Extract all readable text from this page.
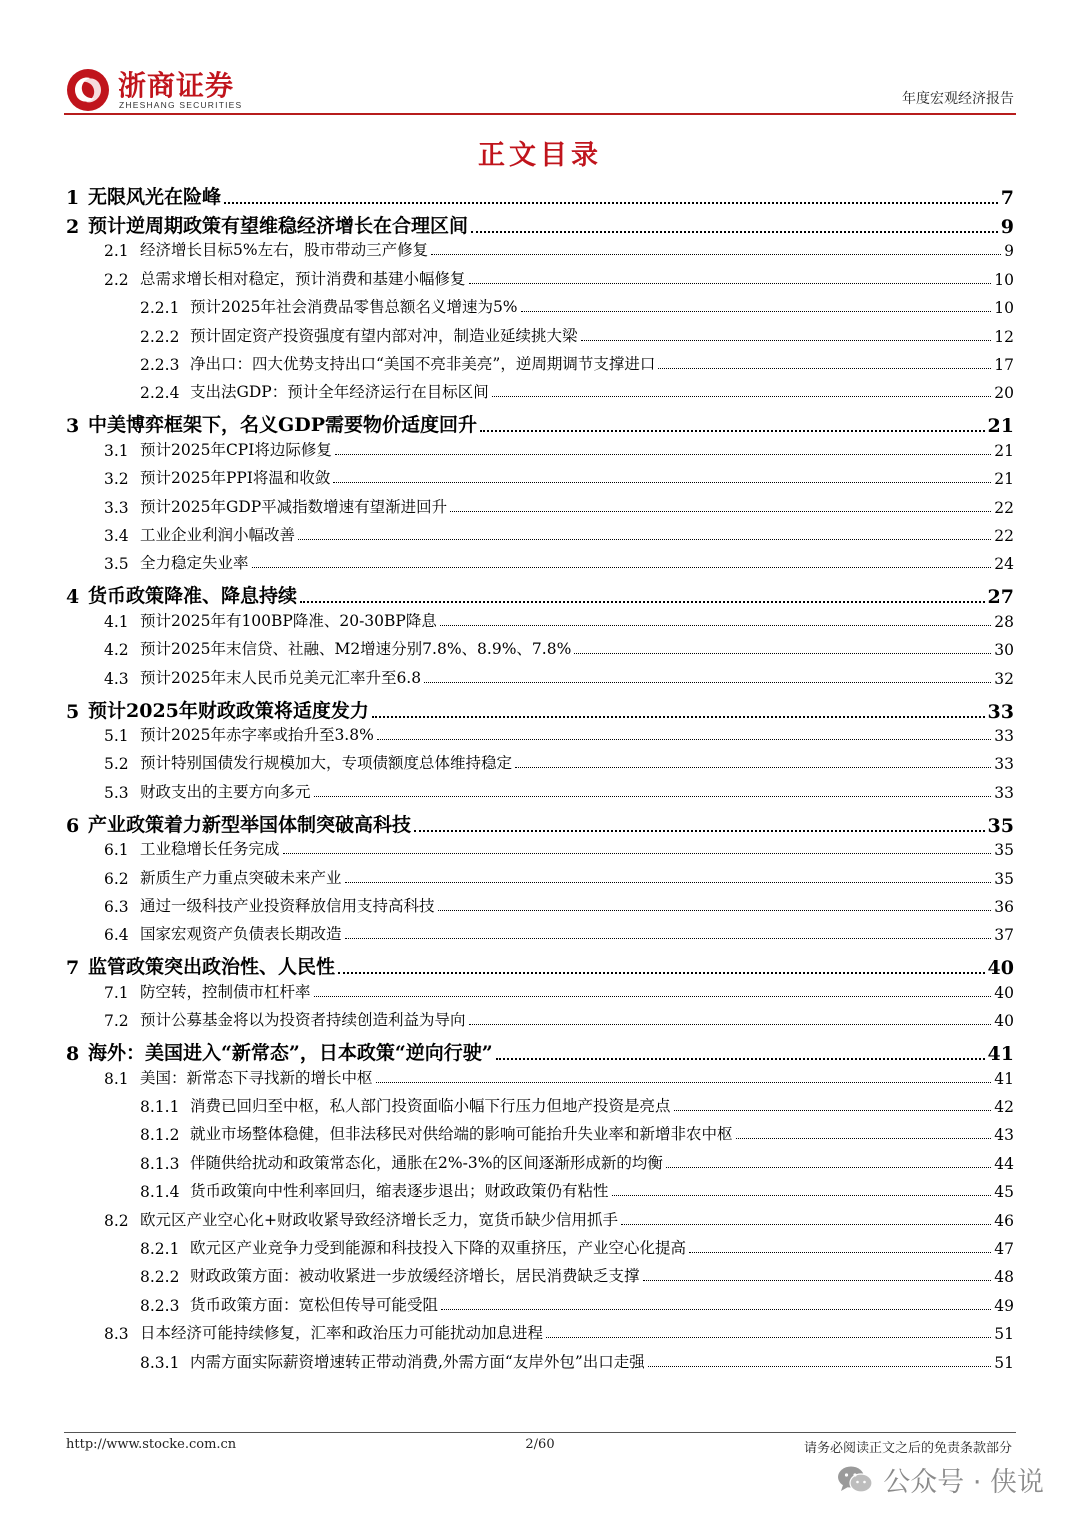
浙商证券
ZHESHANG SECURITIES	年度宏观经济报告
正文目录
1 无限风光在险峰	7
2 预计逆周期政策有望维稳经济增长在合理区间	9
2.1 经济增长目标5%左右，股市带动三产修复	9
2.2 总需求增长相对稳定，预计消费和基建小幅修复	10
2.2.1 预计2025年社会消费品零售总额名义增速为5%	10
2.2.2 预计固定资产投资强度有望内部对冲，制造业延续挑大梁	12
2.2.3 净出口：四大优势支持出口“美国不亮非美亮”，逆周期调节支撑进口	17
2.2.4 支出法GDP：预计全年经济运行在目标区间	20
3 中美博弈框架下，名义GDP需要物价适度回升	21
3.1 预计2025年CPI将边际修复	21
3.2 预计2025年PPI将温和收敛	21
3.3 预计2025年GDP平减指数增速有望渐进回升	22
3.4 工业企业利润小幅改善	22
3.5 全力稳定失业率	24
4 货币政策降准、降息持续	27
4.1 预计2025年有100BP降准、20-30BP降息	28
4.2 预计2025年末信贷、社融、M2增速分别7.8%、8.9%、7.8%	30
4.3 预计2025年末人民币兑美元汇率升至6.8	32
5 预计2025年财政政策将适度发力	33
5.1 预计2025年赤字率或抬升至3.8%	33
5.2 预计特别国债发行规模加大，专项债额度总体维持稳定	33
5.3 财政支出的主要方向多元	33
6 产业政策着力新型举国体制突破高科技	35
6.1 工业稳增长任务完成	35
6.2 新质生产力重点突破未来产业	35
6.3 通过一级科技产业投资释放信用支持高科技	36
6.4 国家宏观资产负债表长期改造	37
7 监管政策突出政治性、人民性	40
7.1 防空转，控制债市杠杆率	40
7.2 预计公募基金将以为投资者持续创造利益为导向	40
8 海外：美国进入“新常态”，日本政策“逆向行驶”	41
8.1 美国：新常态下寻找新的增长中枢	41
8.1.1 消费已回归至中枢，私人部门投资面临小幅下行压力但地产投资是亮点	42
8.1.2 就业市场整体稳健，但非法移民对供给端的影响可能抬升失业率和新增非农中枢	43
8.1.3 伴随供给扰动和政策常态化，通胀在2%-3%的区间逐渐形成新的均衡	44
8.1.4 货币政策向中性利率回归，缩表逐步退出；财政政策仍有粘性	45
8.2 欧元区产业空心化+财政收紧导致经济增长乏力，宽货币缺少信用抓手	46
8.2.1 欧元区产业竞争力受到能源和科技投入下降的双重挤压，产业空心化提高	47
8.2.2 财政政策方面：被动收紧进一步放缓经济增长，居民消费缺乏支撑	48
8.2.3 货币政策方面：宽松但传导可能受阻	49
8.3 日本经济可能持续修复，汇率和政治压力可能扰动加息进程	51
8.3.1 内需方面实际薪资增速转正带动消费,外需方面“友岸外包”出口走强	51
http://www.stocke.com.cn	2/60	请务必阅读正文之后的免责条款部分
公众号 · 侠说
